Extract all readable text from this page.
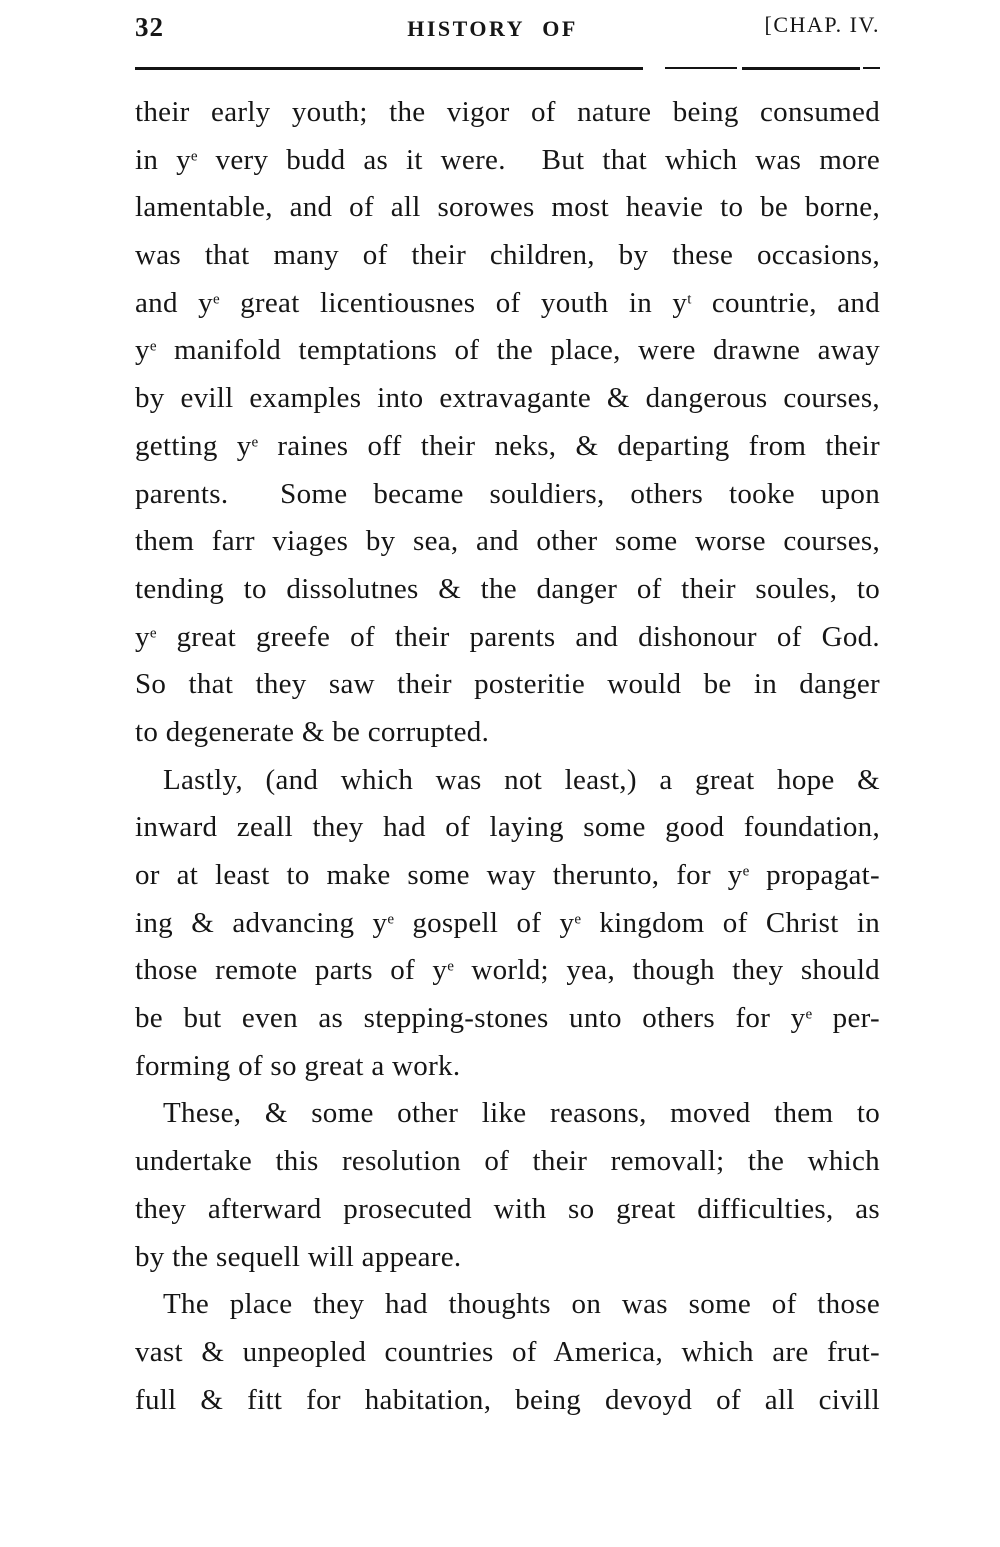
32	HISTORY OF	[CHAP. IV.
their early youth; the vigor of nature being consumed
in $y^e$ very budd as it were.  But that which was more
lamentable, and of all sorowes most heavie to be borne,
was that many of their children, by these occasions,
and $y^e$ great licentiousnes of youth in $y^t$ countrie, and
$y^e$ manifold temptations of the place, were drawne away
by evill examples into extravagante & dangerous courses,
getting $y^e$ raines off their neks, & departing from their
parents.  Some became souldiers, others tooke upon
them farr viages by sea, and other some worse courses,
tending to dissolutnes & the danger of their soules, to
$y^e$ great greefe of their parents and dishonour of God.
So that they saw their posteritie would be in danger
to degenerate & be corrupted.
Lastly, (and which was not least,) a great hope &
inward zeall they had of laying some good foundation,
or at least to make some way therunto, for $y^e$ propagat-
ing & advancing $y^e$ gospell of $y^e$ kingdom of Christ in
those remote parts of $y^e$ world; yea, though they should
be but even as stepping-stones unto others for $y^e$ per-
forming of so great a work.
These, & some other like reasons, moved them to
undertake this resolution of their removall; the which
they afterward prosecuted with so great difficulties, as
by the sequell will appeare.
The place they had thoughts on was some of those
vast & unpeopled countries of America, which are frut-
full & fitt for habitation, being devoyd of all civill
